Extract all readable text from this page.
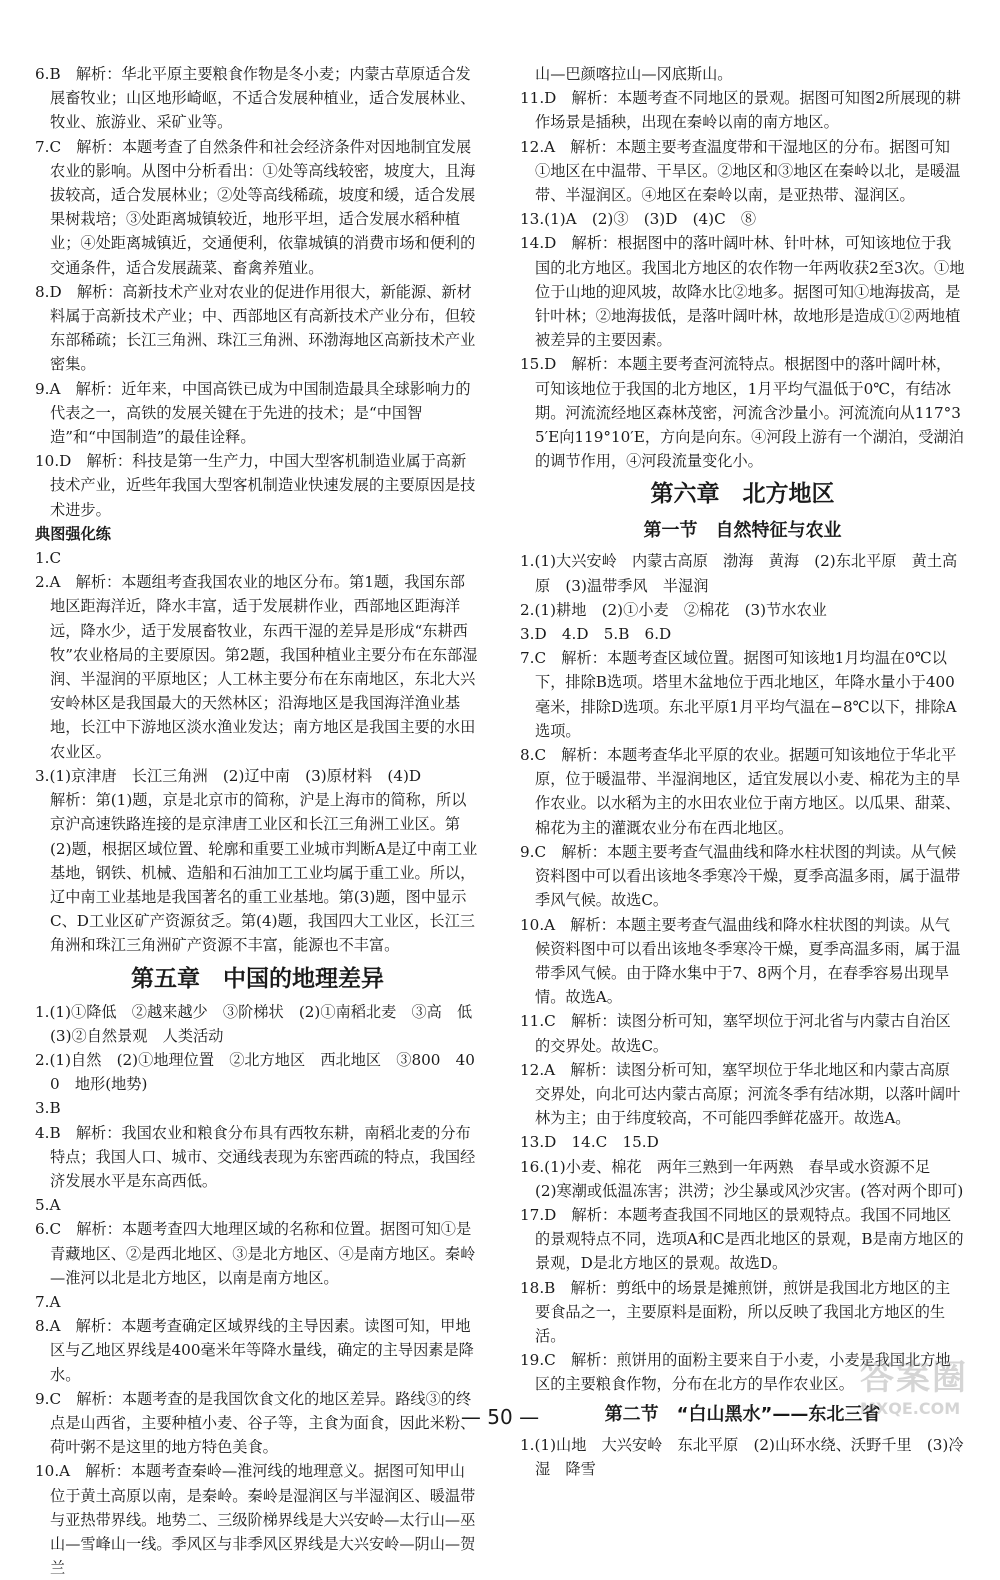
6.B　解析：华北平原主要粮食作物是冬小麦；内蒙古草原适合发展畜牧业；山区地形崎岖，不适合发展种植业，适合发展林业、牧业、旅游业、采矿业等。

7.C　解析：本题考查了自然条件和社会经济条件对因地制宜发展农业的影响。从图中分析看出：①处等高线较密，坡度大，且海拔较高，适合发展林业；②处等高线稀疏，坡度和缓，适合发展果树栽培；③处距离城镇较近，地形平坦，适合发展水稻种植业；④处距离城镇近，交通便利，依靠城镇的消费市场和便利的交通条件，适合发展蔬菜、畜禽养殖业。

8.D　解析：高新技术产业对农业的促进作用很大，新能源、新材料属于高新技术产业；中、西部地区有高新技术产业分布，但较东部稀疏；长江三角洲、珠江三角洲、环渤海地区高新技术产业密集。

9.A　解析：近年来，中国高铁已成为中国制造最具全球影响力的代表之一，高铁的发展关键在于先进的技术；是“中国智造”和“中国制造”的最佳诠释。

10.D　解析：科技是第一生产力，中国大型客机制造业属于高新技术产业，近些年我国大型客机制造业快速发展的主要原因是技术进步。

典图强化练

1.C

2.A　解析：本题组考查我国农业的地区分布。第1题，我国东部地区距海洋近，降水丰富，适于发展耕作业，西部地区距海洋远，降水少，适于发展畜牧业，东西干湿的差异是形成“东耕西牧”农业格局的主要原因。第2题，我国种植业主要分布在东部湿润、半湿润的平原地区；人工林主要分布在东南地区，东北大兴安岭林区是我国最大的天然林区；沿海地区是我国海洋渔业基地，长江中下游地区淡水渔业发达；南方地区是我国主要的水田农业区。

3.(1)京津唐　长江三角洲　(2)辽中南　(3)原材料　(4)D

解析：第(1)题，京是北京市的简称，沪是上海市的简称，所以京沪高速铁路连接的是京津唐工业区和长江三角洲工业区。第(2)题，根据区域位置、轮廓和重要工业城市判断A是辽中南工业基地，钢铁、机械、造船和石油加工工业均属于重工业。所以，辽中南工业基地是我国著名的重工业基地。第(3)题，图中显示C、D工业区矿产资源贫乏。第(4)题，我国四大工业区，长江三角洲和珠江三角洲矿产资源不丰富，能源也不丰富。

第五章　中国的地理差异

1.(1)①降低　②越来越少　③阶梯状　(2)①南稻北麦　③高　低　(3)②自然景观　人类活动

2.(1)自然　(2)①地理位置　②北方地区　西北地区　③800　400　地形(地势)

3.B

4.B　解析：我国农业和粮食分布具有西牧东耕，南稻北麦的分布特点；我国人口、城市、交通线表现为东密西疏的特点，我国经济发展水平是东高西低。

5.A

6.C　解析：本题考查四大地理区域的名称和位置。据图可知①是青藏地区、②是西北地区、③是北方地区、④是南方地区。秦岭—淮河以北是北方地区，以南是南方地区。

7.A

8.A　解析：本题考查确定区域界线的主导因素。读图可知，甲地区与乙地区界线是400毫米年等降水量线，确定的主导因素是降水。

9.C　解析：本题考查的是我国饮食文化的地区差异。路线③的终点是山西省，主要种植小麦、谷子等，主食为面食，因此米粉、荷叶粥不是这里的地方特色美食。

10.A　解析：本题考查秦岭—淮河线的地理意义。据图可知甲山位于黄土高原以南，是秦岭。秦岭是湿润区与半湿润区、暖温带与亚热带界线。地势二、三级阶梯界线是大兴安岭—太行山—巫山—雪峰山一线。季风区与非季风区界线是大兴安岭—阴山—贺兰

山—巴颜喀拉山—冈底斯山。

11.D　解析：本题考查不同地区的景观。据图可知图2所展现的耕作场景是插秧，出现在秦岭以南的南方地区。

12.A　解析：本题主要考查温度带和干湿地区的分布。据图可知①地区在中温带、干旱区。②地区和③地区在秦岭以北，是暖温带、半湿润区。④地区在秦岭以南，是亚热带、湿润区。

13.(1)A　(2)③　(3)D　(4)C　⑧

14.D　解析：根据图中的落叶阔叶林、针叶林，可知该地位于我国的北方地区。我国北方地区的农作物一年两收获2至3次。①地位于山地的迎风坡，故降水比②地多。据图可知①地海拔高，是针叶林；②地海拔低，是落叶阔叶林，故地形是造成①②两地植被差异的主要因素。

15.D　解析：本题主要考查河流特点。根据图中的落叶阔叶林，可知该地位于我国的北方地区，1月平均气温低于0℃，有结冰期。河流流经地区森林茂密，河流含沙量小。河流流向从117°35′E向119°10′E，方向是向东。④河段上游有一个湖泊，受湖泊的调节作用，④河段流量变化小。

第六章　北方地区
第一节　自然特征与农业

1.(1)大兴安岭　内蒙古高原　渤海　黄海　(2)东北平原　黄土高原　(3)温带季风　半湿润

2.(1)耕地　(2)①小麦　②棉花　(3)节水农业

3.D　4.D　5.B　6.D

7.C　解析：本题考查区域位置。据图可知该地1月均温在0℃以下，排除B选项。塔里木盆地位于西北地区，年降水量小于400毫米，排除D选项。东北平原1月平均气温在−8℃以下，排除A选项。

8.C　解析：本题考查华北平原的农业。据题可知该地位于华北平原，位于暖温带、半湿润地区，适宜发展以小麦、棉花为主的旱作农业。以水稻为主的水田农业位于南方地区。以瓜果、甜菜、棉花为主的灌溉农业分布在西北地区。

9.C　解析：本题主要考查气温曲线和降水柱状图的判读。从气候资料图中可以看出该地冬季寒冷干燥，夏季高温多雨，属于温带季风气候。故选C。

10.A　解析：本题主要考查气温曲线和降水柱状图的判读。从气候资料图中可以看出该地冬季寒冷干燥，夏季高温多雨，属于温带季风气候。由于降水集中于7、8两个月，在春季容易出现旱情。故选A。

11.C　解析：读图分析可知，塞罕坝位于河北省与内蒙古自治区的交界处。故选C。

12.A　解析：读图分析可知，塞罕坝位于华北地区和内蒙古高原交界处，向北可达内蒙古高原；河流冬季有结冰期，以落叶阔叶林为主；由于纬度较高，不可能四季鲜花盛开。故选A。

13.D　14.C　15.D

16.(1)小麦、棉花　两年三熟到一年两熟　春旱或水资源不足　(2)寒潮或低温冻害；洪涝；沙尘暴或风沙灾害。(答对两个即可)

17.D　解析：本题考查我国不同地区的景观特点。我国不同地区的景观特点不同，选项A和C是西北地区的景观，B是南方地区的景观，D是北方地区的景观。故选D。

18.B　解析：剪纸中的场景是摊煎饼，煎饼是我国北方地区的主要食品之一，主要原料是面粉，所以反映了我国北方地区的生活。

19.C　解析：煎饼用的面粉主要来自于小麦，小麦是我国北方地区的主要粮食作物，分布在北方的旱作农业区。

第二节　“白山黑水”——东北三省

1.(1)山地　大兴安岭　东北平原　(2)山环水绕、沃野千里　(3)冷湿　降雪

— 50 —
答案圈
MXQE.COM
